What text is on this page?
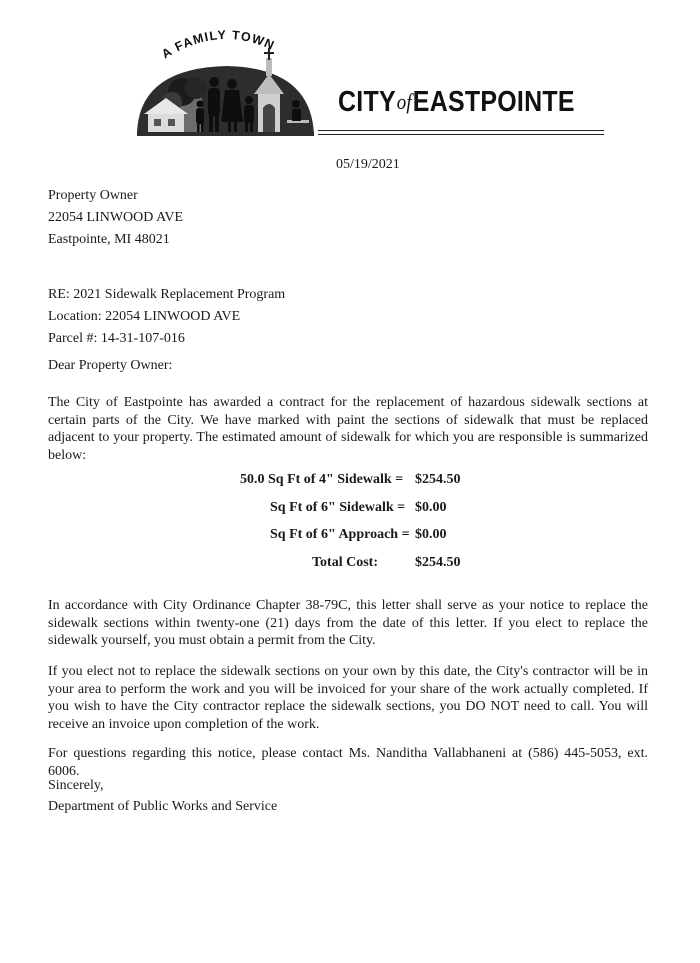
A FAMILY TOWN
CITYofEASTPOINTE
05/19/2021
Property Owner
22054 LINWOOD AVE
Eastpointe, MI 48021
RE: 2021 Sidewalk Replacement Program
Location: 22054 LINWOOD AVE
Parcel #: 14-31-107-016
Dear Property Owner:
The City of Eastpointe has awarded a contract for the replacement of hazardous sidewalk sections at certain parts of the City. We have marked with paint the sections of sidewalk that must be replaced adjacent to your property. The estimated amount of sidewalk for which you are responsible is summarized below:
50.0 Sq Ft of 4" Sidewalk = $254.50
Sq Ft of 6" Sidewalk = $0.00
Sq Ft of 6" Approach = $0.00
Total Cost:	$254.50
In accordance with City Ordinance Chapter 38-79C, this letter shall serve as your notice to replace the sidewalk sections within twenty-one (21) days from the date of this letter. If you elect to replace the sidewalk yourself, you must obtain a permit from the City.
If you elect not to replace the sidewalk sections on your own by this date, the City's contractor will be in your area to perform the work and you will be invoiced for your share of the work actually completed. If you wish to have the City contractor replace the sidewalk sections, you DO NOT need to call. You will receive an invoice upon completion of the work.
For questions regarding this notice, please contact Ms. Nanditha Vallabhaneni at (586) 445-5053, ext. 6006.
Sincerely,
Department of Public Works and Service
